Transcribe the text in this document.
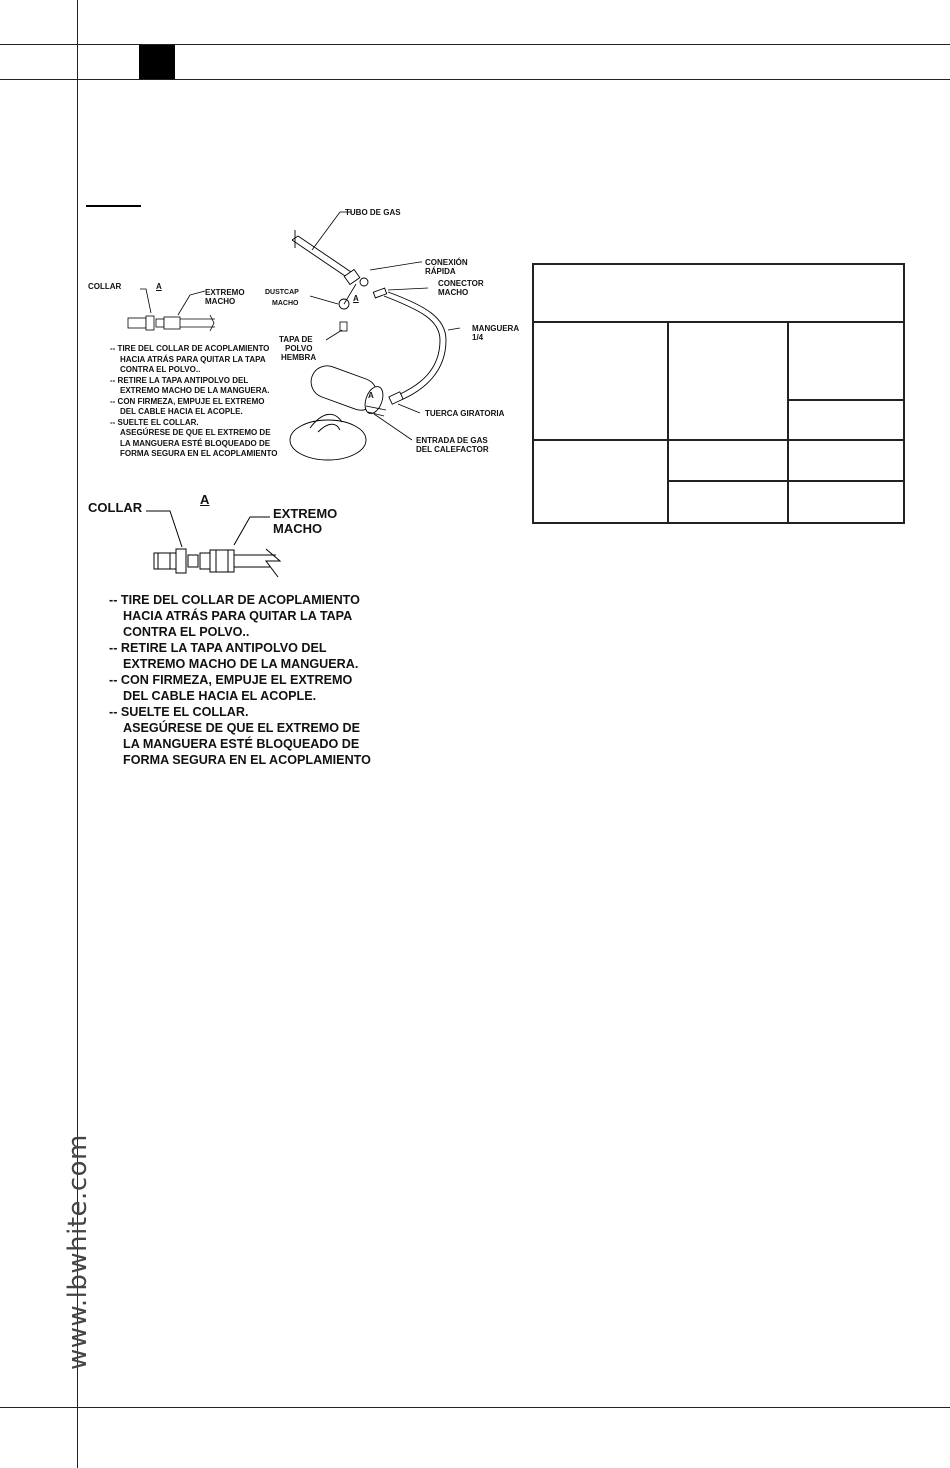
www.lbwhite.com
COLLAR	A
EXTREMO
MACHO
-- TIRE DEL COLLAR DE ACOPLAMIENTO
HACIA ATRÁS PARA QUITAR LA TAPA
CONTRA EL POLVO..
-- RETIRE LA TAPA ANTIPOLVO DEL
EXTREMO MACHO DE LA MANGUERA.
-- CON FIRMEZA, EMPUJE EL EXTREMO
DEL CABLE HACIA EL ACOPLE.
-- SUELTE EL COLLAR.
ASEGÚRESE DE QUE EL EXTREMO DE
LA MANGUERA ESTÉ BLOQUEADO DE
FORMA SEGURA EN EL ACOPLAMIENTO
TUBO DE GAS
CONEXIÓN
RÁPIDA
CONECTOR
MACHO
DUSTCAP
MACHO
A
TAPA DE
POLVO
HEMBRA
MANGUERA
1/4
TUERCA GIRATORIA
A
ENTRADA DE GAS
DEL CALEFACTOR

COLLAR
A
EXTREMO
MACHO
-- TIRE DEL COLLAR DE ACOPLAMIENTO
HACIA ATRÁS PARA QUITAR LA TAPA
CONTRA EL POLVO..
-- RETIRE LA TAPA ANTIPOLVO DEL
EXTREMO MACHO DE LA MANGUERA.
-- CON FIRMEZA, EMPUJE EL EXTREMO
DEL CABLE HACIA EL ACOPLE.
-- SUELTE EL COLLAR.
ASEGÚRESE DE QUE EL EXTREMO DE
LA MANGUERA ESTÉ BLOQUEADO DE
FORMA SEGURA EN EL ACOPLAMIENTO
